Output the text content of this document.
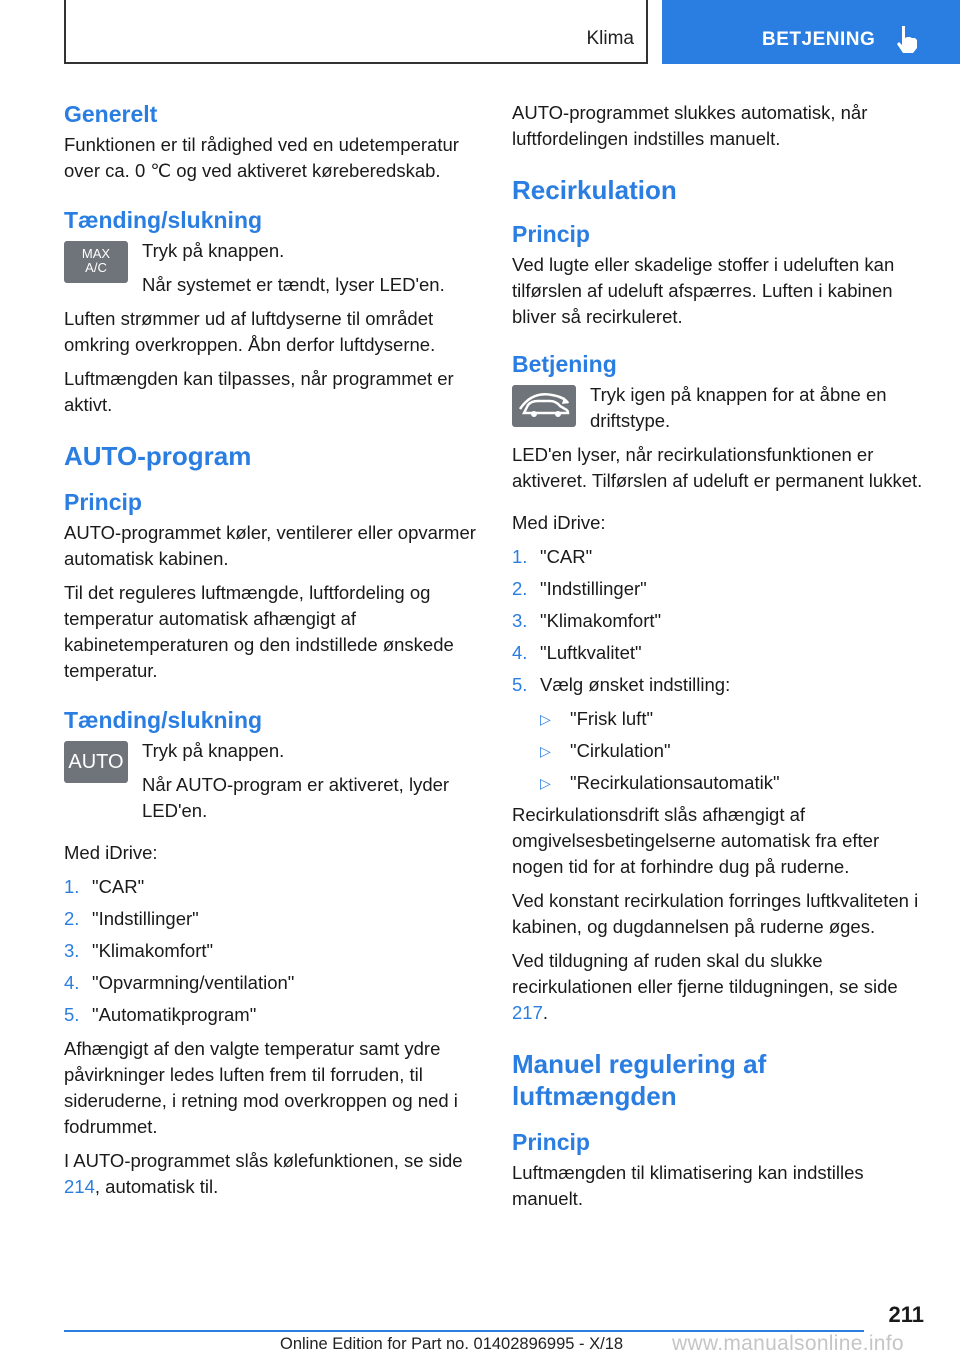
Klima	BETJENING
Generelt

Funktionen er til rådighed ved en udetemperatur over ca. 0 ℃ og ved aktiveret køreberedskab.

Tænding/slukning
MAX
A/C

Tryk på knappen.

Når systemet er tændt, lyser LED'en.

Luften strømmer ud af luftdyserne til området omkring overkroppen. Åbn derfor luftdyserne.

Luftmængden kan tilpasses, når programmet er aktivt.

AUTO-program
Princip

AUTO-programmet køler, ventilerer eller opvarmer automatisk kabinen.

Til det reguleres luftmængde, luftfordeling og temperatur automatisk afhængigt af kabinetemperaturen og den indstillede ønskede temperatur.

Tænding/slukning
AUTO

Tryk på knappen.

Når AUTO-program er aktiveret, lyder LED'en.

Med iDrive:

1. "CAR"
2. "Indstillinger"
3. "Klimakomfort"
4. "Opvarmning/ventilation"
5. "Automatikprogram"

Afhængigt af den valgte temperatur samt ydre påvirkninger ledes luften frem til forruden, til sideruderne, i retning mod overkroppen og ned i fodrummet.

I AUTO-programmet slås kølefunktionen, se side 214, automatisk til.

AUTO-programmet slukkes automatisk, når luftfordelingen indstilles manuelt.

Recirkulation
Princip

Ved lugte eller skadelige stoffer i udeluften kan tilførslen af udeluft afspærres. Luften i kabinen bliver så recirkuleret.

Betjening

Tryk igen på knappen for at åbne en driftstype.

LED'en lyser, når recirkulationsfunktionen er aktiveret. Tilførslen af udeluft er permanent lukket.

Med iDrive:

1. "CAR"
2. "Indstillinger"
3. "Klimakomfort"
4. "Luftkvalitet"
5. Vælg ønsket indstilling:
▷ "Frisk luft"
▷ "Cirkulation"
▷ "Recirkulationsautomatik"

Recirkulationsdrift slås afhængigt af omgivelsesbetingelserne automatisk fra efter nogen tid for at forhindre dug på ruderne.

Ved konstant recirkulation forringes luftkvaliteten i kabinen, og dugdannelsen på ruderne øges.

Ved tildugning af ruden skal du slukke recirkulationen eller fjerne tildugningen, se side 217.

Manuel regulering af luftmængden
Princip

Luftmængden til klimatisering kan indstilles manuelt.

211
Online Edition for Part no. 01402896995 - X/18 www.manualsonline.info
